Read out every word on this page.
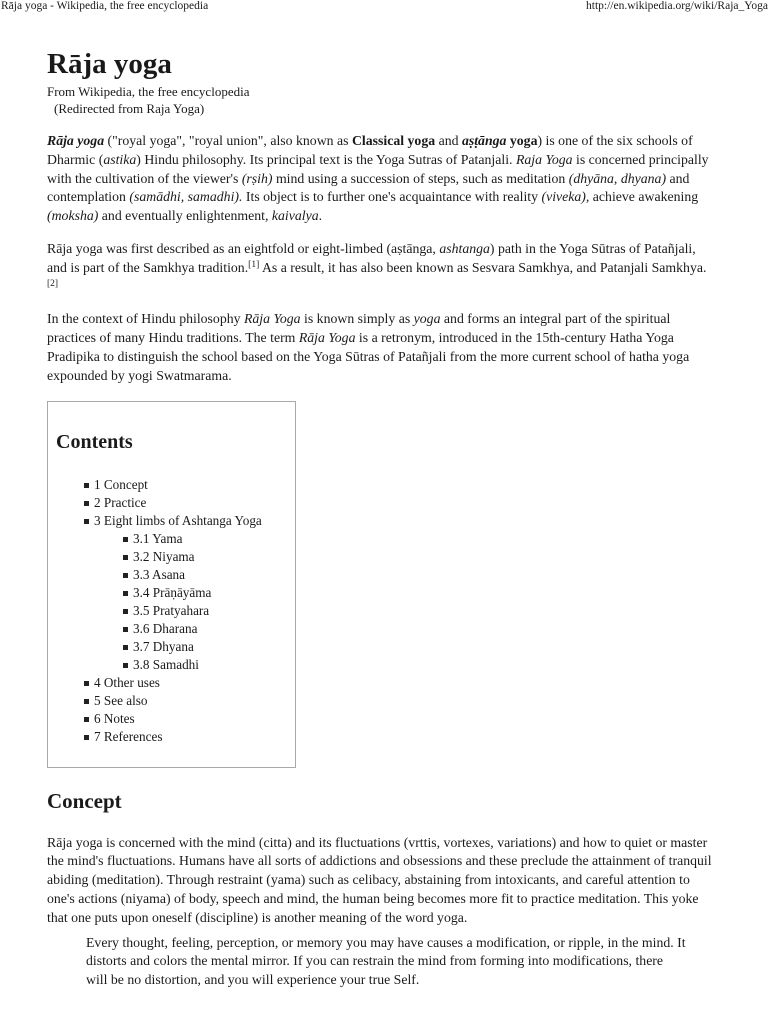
Rāja yoga - Wikipedia, the free encyclopedia	http://en.wikipedia.org/wiki/Raja_Yoga
Rāja yoga
From Wikipedia, the free encyclopedia
(Redirected from Raja Yoga)

Rāja yoga ("royal yoga", "royal union", also known as Classical yoga and aṣṭānga yoga) is one of the six schools of Dharmic (astika) Hindu philosophy. Its principal text is the Yoga Sutras of Patanjali. Raja Yoga is concerned principally with the cultivation of the viewer's (rṣih) mind using a succession of steps, such as meditation (dhyāna, dhyana) and contemplation (samādhi, samadhi). Its object is to further one's acquaintance with reality (viveka), achieve awakening (moksha) and eventually enlightenment, kaivalya.

Rāja yoga was first described as an eightfold or eight-limbed (aṣtānga, ashtanga) path in the Yoga Sūtras of Patañjali, and is part of the Samkhya tradition.[1] As a result, it has also been known as Sesvara Samkhya, and Patanjali Samkhya.[2]

In the context of Hindu philosophy Rāja Yoga is known simply as yoga and forms an integral part of the spiritual practices of many Hindu traditions. The term Rāja Yoga is a retronym, introduced in the 15th-century Hatha Yoga Pradipika to distinguish the school based on the Yoga Sūtras of Patañjali from the more current school of hatha yoga expounded by yogi Swatmarama.

Contents
1 Concept
2 Practice
3 Eight limbs of Ashtanga Yoga
3.1 Yama
3.2 Niyama
3.3 Asana
3.4 Prāṇāyāma
3.5 Pratyahara
3.6 Dharana
3.7 Dhyana
3.8 Samadhi
4 Other uses
5 See also
6 Notes
7 References
Concept

Rāja yoga is concerned with the mind (citta) and its fluctuations (vrttis, vortexes, variations) and how to quiet or master the mind's fluctuations. Humans have all sorts of addictions and obsessions and these preclude the attainment of tranquil abiding (meditation). Through restraint (yama) such as celibacy, abstaining from intoxicants, and careful attention to one's actions (niyama) of body, speech and mind, the human being becomes more fit to practice meditation. This yoke that one puts upon oneself (discipline) is another meaning of the word yoga.

Every thought, feeling, perception, or memory you may have causes a modification, or ripple, in the mind. It distorts and colors the mental mirror. If you can restrain the mind from forming into modifications, there will be no distortion, and you will experience your true Self.
